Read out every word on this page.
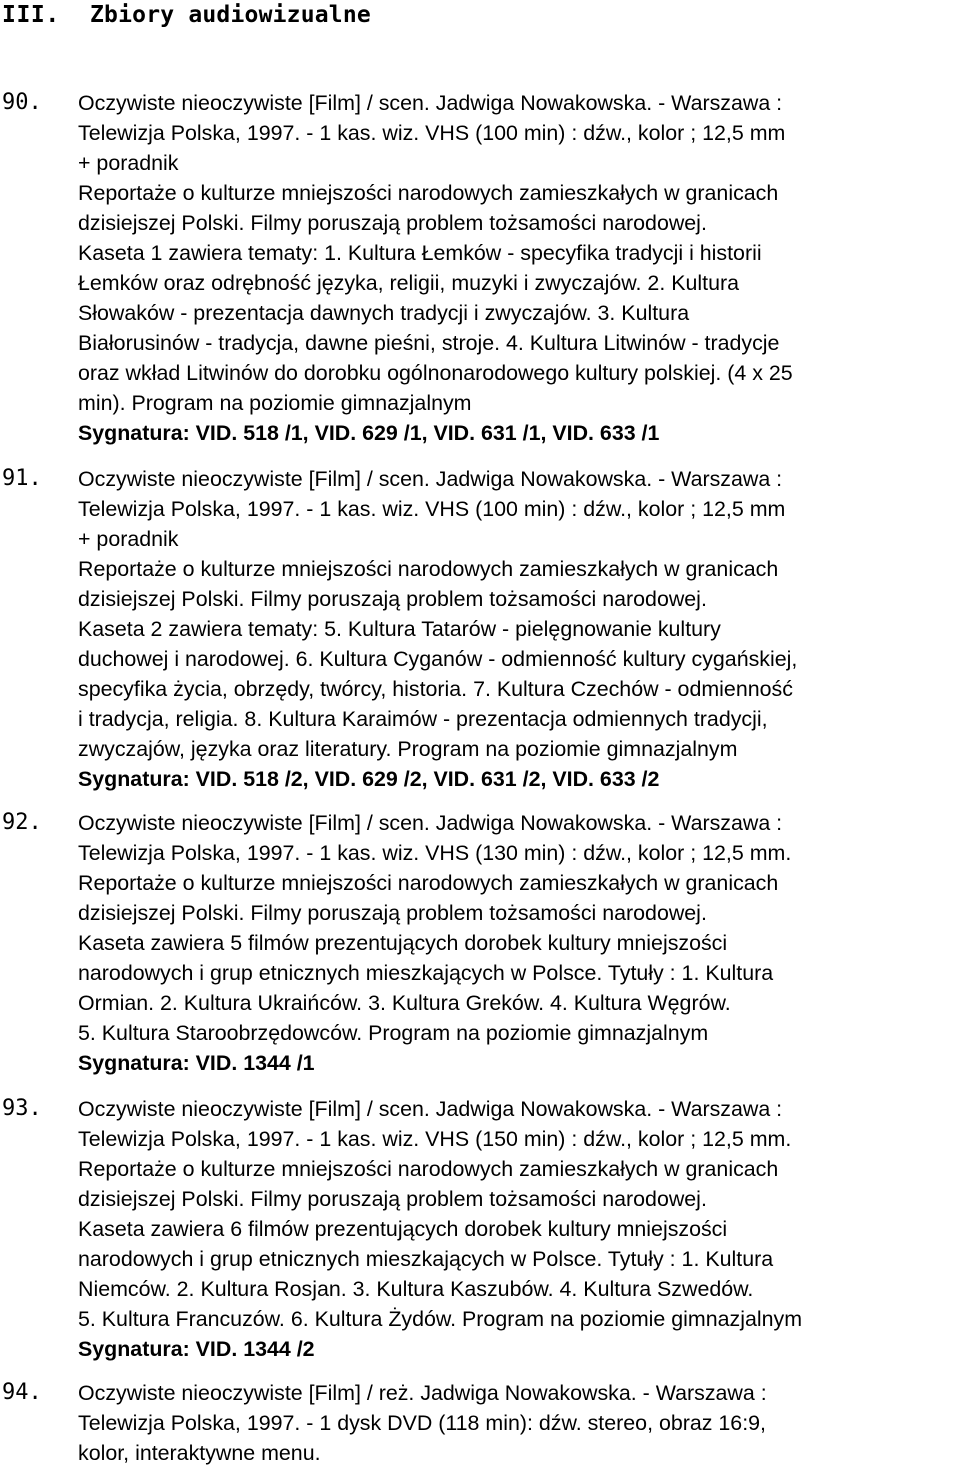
III. Zbiory audiowizualne
90. Oczywiste nieoczywiste [Film] / scen. Jadwiga Nowakowska. - Warszawa :
Telewizja Polska, 1997. - 1 kas. wiz. VHS (100 min) : dźw., kolor ; 12,5 mm
+ poradnik
Reportaże o kulturze mniejszości narodowych zamieszkałych w granicach
dzisiejszej Polski. Filmy poruszają problem tożsamości narodowej.
Kaseta 1 zawiera tematy: 1. Kultura Łemków - specyfika tradycji i historii
Łemków oraz odrębność języka, religii, muzyki i zwyczajów. 2. Kultura
Słowaków - prezentacja dawnych tradycji i zwyczajów. 3. Kultura
Białorusinów - tradycja, dawne pieśni, stroje. 4. Kultura Litwinów - tradycje
oraz wkład Litwinów do dorobku ogólnonarodowego kultury polskiej. (4 x 25
min). Program na poziomie gimnazjalnym
Sygnatura: VID. 518 /1, VID. 629 /1, VID. 631 /1, VID. 633 /1
91. Oczywiste nieoczywiste [Film] / scen. Jadwiga Nowakowska. - Warszawa :
Telewizja Polska, 1997. - 1 kas. wiz. VHS (100 min) : dźw., kolor ; 12,5 mm
+ poradnik
Reportaże o kulturze mniejszości narodowych zamieszkałych w granicach
dzisiejszej Polski. Filmy poruszają problem tożsamości narodowej.
Kaseta 2 zawiera tematy: 5. Kultura Tatarów - pielęgnowanie kultury
duchowej i narodowej. 6. Kultura Cyganów - odmienność kultury cygańskiej,
specyfika życia, obrzędy, twórcy, historia. 7. Kultura Czechów - odmienność
i tradycja, religia. 8. Kultura Karaimów - prezentacja odmiennych tradycji,
zwyczajów, języka oraz literatury. Program na poziomie gimnazjalnym
Sygnatura: VID. 518 /2, VID. 629 /2, VID. 631 /2, VID. 633 /2
92. Oczywiste nieoczywiste [Film] / scen. Jadwiga Nowakowska. - Warszawa :
Telewizja Polska, 1997. - 1 kas. wiz. VHS (130 min) : dźw., kolor ; 12,5 mm.
Reportaże o kulturze mniejszości narodowych zamieszkałych w granicach
dzisiejszej Polski. Filmy poruszają problem tożsamości narodowej.
Kaseta zawiera 5 filmów prezentujących dorobek kultury mniejszości
narodowych i grup etnicznych mieszkających w Polsce. Tytuły : 1. Kultura
Ormian. 2. Kultura Ukraińców. 3. Kultura Greków. 4. Kultura Węgrów.
5. Kultura Staroobrzędowców. Program na poziomie gimnazjalnym
Sygnatura: VID. 1344 /1
93. Oczywiste nieoczywiste [Film] / scen. Jadwiga Nowakowska. - Warszawa :
Telewizja Polska, 1997. - 1 kas. wiz. VHS (150 min) : dźw., kolor ; 12,5 mm.
Reportaże o kulturze mniejszości narodowych zamieszkałych w granicach
dzisiejszej Polski. Filmy poruszają problem tożsamości narodowej.
Kaseta zawiera 6 filmów prezentujących dorobek kultury mniejszości
narodowych i grup etnicznych mieszkających w Polsce. Tytuły : 1. Kultura
Niemców. 2. Kultura Rosjan. 3. Kultura Kaszubów. 4. Kultura Szwedów.
5. Kultura Francuzów. 6. Kultura Żydów. Program na poziomie gimnazjalnym
Sygnatura: VID. 1344 /2
94. Oczywiste nieoczywiste [Film] / reż. Jadwiga Nowakowska. - Warszawa :
Telewizja Polska, 1997. - 1 dysk DVD (118 min): dźw. stereo, obraz 16:9,
kolor, interaktywne menu.
